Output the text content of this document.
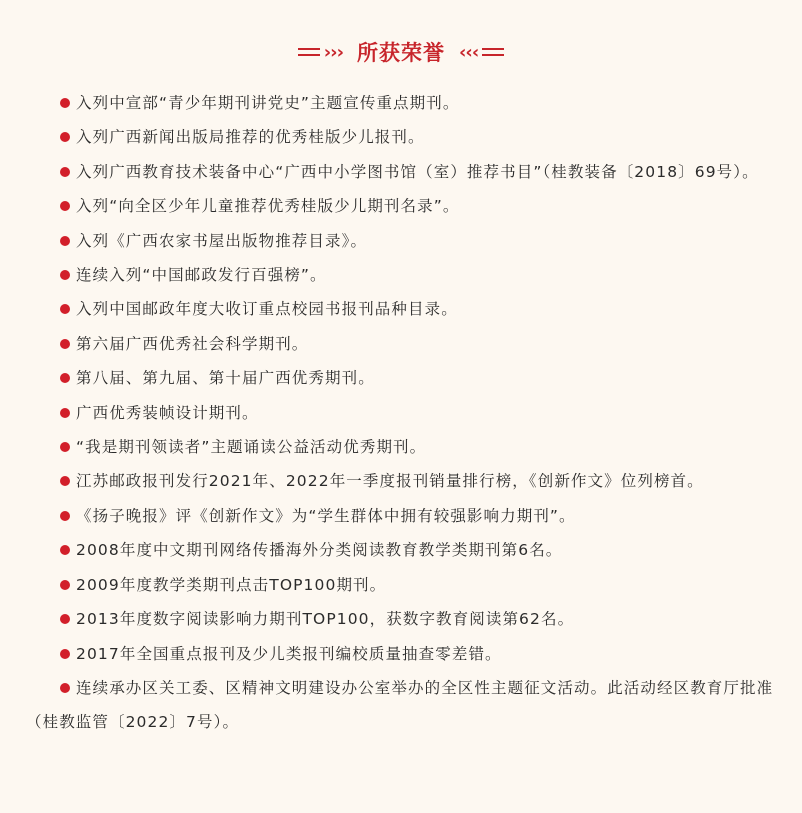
››› 所获荣誉 ‹‹‹
入列中宣部“青少年期刊讲党史”主题宣传重点期刊。
入列广西新闻出版局推荐的优秀桂版少儿报刊。
入列广西教育技术装备中心“广西中小学图书馆（室）推荐书目”（桂教装备〔2018〕69号）。
入列“向全区少年儿童推荐优秀桂版少儿期刊名录”。
入列《广西农家书屋出版物推荐目录》。
连续入列“中国邮政发行百强榜”。
入列中国邮政年度大收订重点校园书报刊品种目录。
第六届广西优秀社会科学期刊。
第八届、第九届、第十届广西优秀期刊。
广西优秀装帧设计期刊。
“我是期刊领读者”主题诵读公益活动优秀期刊。
江苏邮政报刊发行2021年、2022年一季度报刊销量排行榜，《创新作文》位列榜首。
《扬子晚报》评《创新作文》为“学生群体中拥有较强影响力期刊”。
2008年度中文期刊网络传播海外分类阅读教育教学类期刊第6名。
2009年度教学类期刊点击TOP100期刊。
2013年度数字阅读影响力期刊TOP100，获数字教育阅读第62名。
2017年全国重点报刊及少儿类报刊编校质量抽查零差错。
连续承办区关工委、区精神文明建设办公室举办的全区性主题征文活动。此活动经区教育厅批准（桂教监管〔2022〕7号）。
